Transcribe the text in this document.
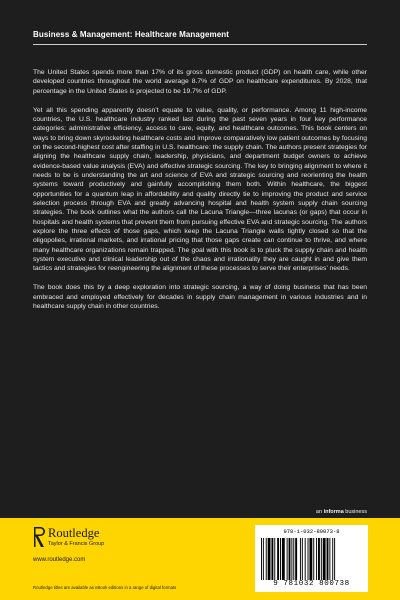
Business & Management: Healthcare Management

The United States spends more than 17% of its gross domestic product (GDP) on health care, while other developed countries throughout the world average 8.7% of GDP on healthcare expenditures. By 2028, that percentage in the United States is projected to be 19.7% of GDP.

Yet all this spending apparently doesn’t equate to value, quality, or performance. Among 11 high-income countries, the U.S. healthcare industry ranked last during the past seven years in four key performance categories: administrative efficiency, access to care, equity, and healthcare outcomes. This book centers on ways to bring down skyrocketing healthcare costs and improve comparatively low patient outcomes by focusing on the second-highest cost after staffing in U.S. healthcare: the supply chain. The authors present strategies for aligning the healthcare supply chain, leadership, physicians, and department budget owners to achieve evidence-based value analysis (EVA) and effective strategic sourcing. The key to bringing alignment to where it needs to be is understanding the art and science of EVA and strategic sourcing and reorienting the health systems toward productively and gainfully accomplishing them both. Within healthcare, the biggest opportunities for a quantum leap in affordability and quality directly tie to improving the product and service selection process through EVA and greatly advancing hospital and health system supply chain sourcing strategies. The book outlines what the authors call the Lacuna Triangle—three lacunas (or gaps) that occur in hospitals and health systems that prevent them from pursuing effective EVA and strategic sourcing. The authors explore the three effects of those gaps, which keep the Lacuna Triangle walls tightly closed so that the oligopolies, irrational markets, and irrational pricing that those gaps create can continue to thrive, and where many healthcare organizations remain trapped. The goal with this book is to pluck the supply chain and health system executive and clinical leadership out of the chaos and irrationality they are caught in and give them tactics and strategies for reengineering the alignment of these processes to serve their enterprises’ needs.

The book does this by a deep exploration into strategic sourcing, a way of doing business that has been embraced and employed effectively for decades in supply chain management in various industries and in healthcare supply chain in other countries.

an informa business
Routledge
Taylor & Francis Group
www.routledge.com
Routledge titles are available as eBook editions in a range of digital formats
978-1-032-80073-8
9 781032 800738
